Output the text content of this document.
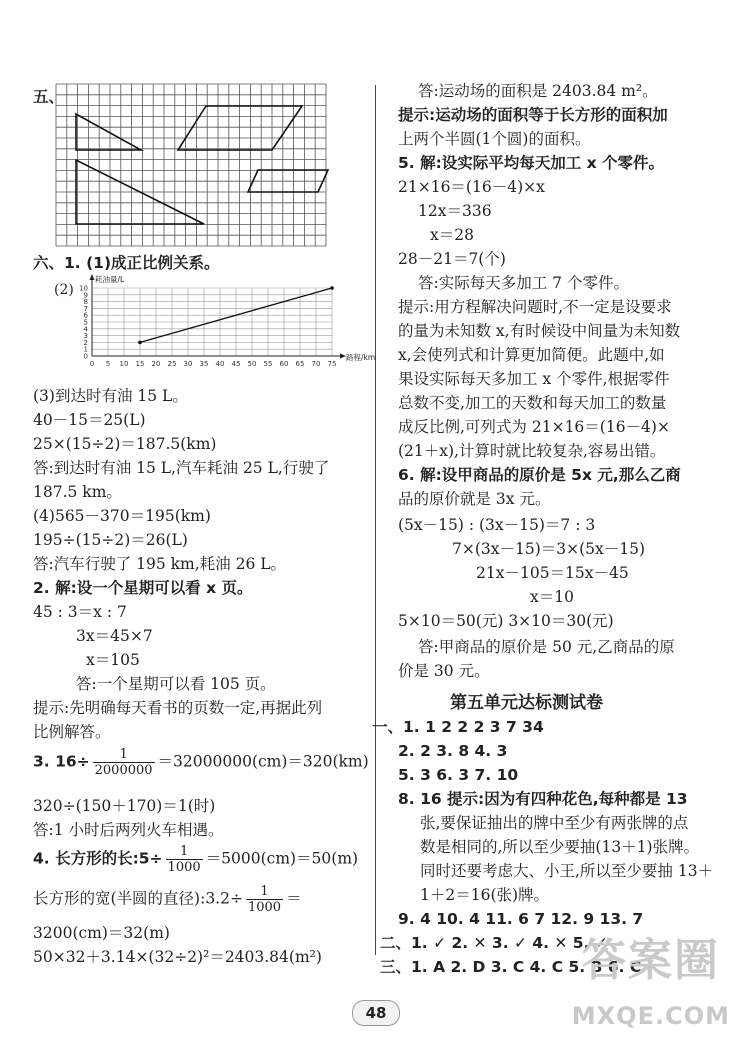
五、
六、1. (1)成正比例关系。
(2)
0 5 10 15 20 25 30 35 40 45 50 55 60 65 70 75
0
1
2
3
4
5
6
7
8
9
10
耗油量/L
路程/km
(3)到达时有油 15 L。
40－15＝25(L)
25×(15÷2)＝187.5(km)
答:到达时有油 15 L,汽车耗油 25 L,行驶了
187.5 km。
(4)565－370＝195(km)
195÷(15÷2)＝26(L)
答:汽车行驶了 195 km,耗油 26 L。
2. 解:设一个星期可以看 x 页。
45 : 3＝x : 7
3x＝45×7
x＝105
答:一个星期可以看 105 页。
提示:先明确每天看书的页数一定,再据此列
比例解答。
3. $16\div \frac{1}{2000000} =32000000(cm)=320(km)$
320÷(150＋170)＝1(时)
答:1 小时后两列火车相遇。
4. 长方形的长:5÷ $\frac{1}{1000} =5000(cm)=50(m)$
长方形的宽(半圆的直径):3.2÷ $\frac{1}{1000}$ ＝
3200(cm)＝32(m)
50×32＋3.14×(32÷2)²＝2403.84(m²)
答:运动场的面积是 2403.84 m²。
提示:运动场的面积等于长方形的面积加
上两个半圆(1个圆)的面积。
5. 解:设实际平均每天加工 x 个零件。
21×16＝(16－4)×x
12x＝336
x＝28
28－21＝7(个)
答:实际每天多加工 7 个零件。
提示:用方程解决问题时,不一定是设要求
的量为未知数 x,有时候设中间量为未知数
x,会使列式和计算更加简便。此题中,如
果设实际每天多加工 x 个零件,根据零件
总数不变,加工的天数和每天加工的数量
成反比例,可列式为 21×16＝(16－4)×
(21＋x),计算时就比较复杂,容易出错。
6. 解:设甲商品的原价是 5x 元,那么乙商
品的原价就是 3x 元。
(5x－15) : (3x－15)＝7 : 3
7×(3x－15)＝3×(5x－15)
21x－105＝15x－45
x＝10
5×10＝50(元) 3×10＝30(元)
答:甲商品的原价是 50 元,乙商品的原
价是 30 元。
第五单元达标测试卷
一、1. 1 2 2 2 3 7 34
2. 2 3. 8 4. 3
5. 3 6. 3 7. 10
8. 16 提示:因为有四种花色,每种都是 13
张,要保证抽出的牌中至少有两张牌的点
数是相同的,所以至少要抽(13＋1)张牌。
同时还要考虑大、小王,所以至少要抽 13＋
1＋2＝16(张)牌。
9. 4 10. 4 11. 6 7 12. 9 13. 7
二、1. ✓ 2. ✕ 3. ✓ 4. ✕ 5. ✓
三、1. A 2. D 3. C 4. C 5. B 6. C
48
答案圈
MXQE.COM
